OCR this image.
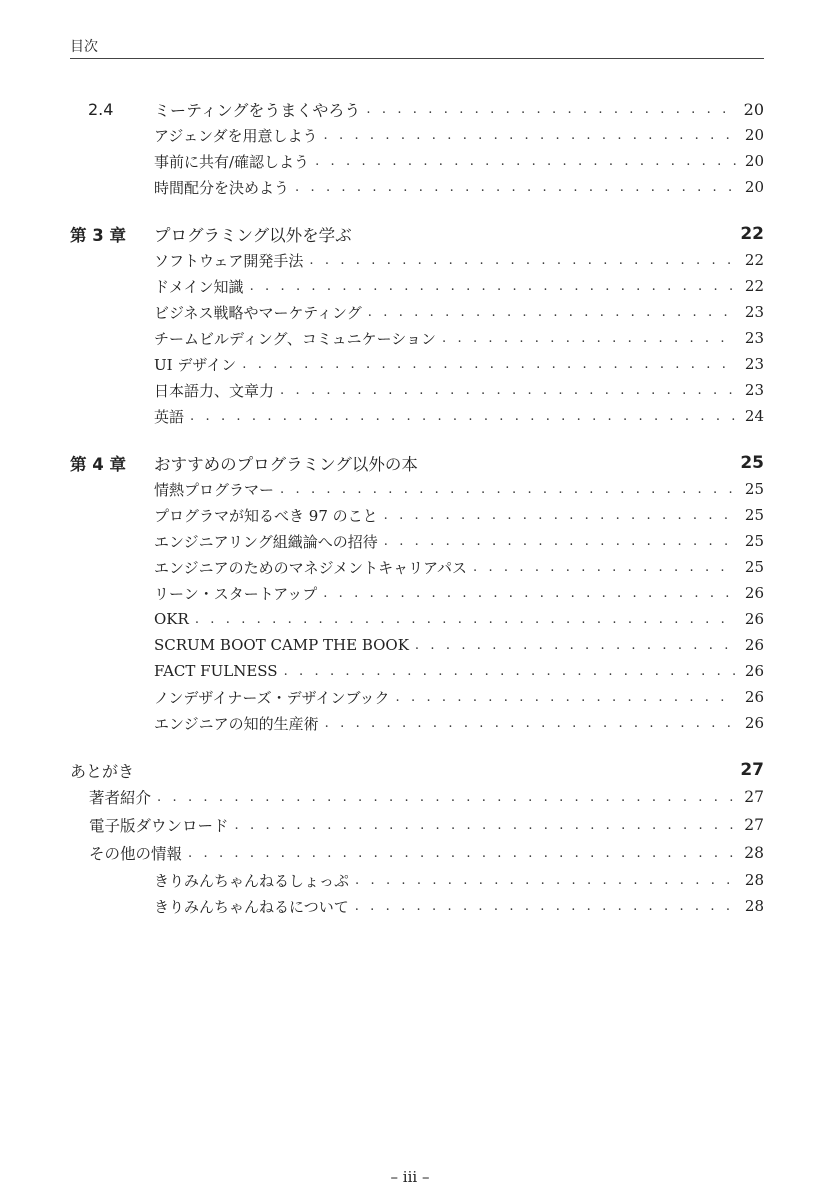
目次
2.4	ミーティングをうまくやろう . . .	20
アジェンダを用意しよう . . .	20
事前に共有/確認しよう . . .	20
時間配分を決めよう . . .	20
第 3 章	プログラミング以外を学ぶ	22
ソフトウェア開発手法 . . .	22
ドメイン知識 . . .	22
ビジネス戦略やマーケティング . . .	23
チームビルディング、コミュニケーション . . .	23
UI デザイン . . .	23
日本語力、文章力 . . .	23
英語 . . .	24
第 4 章	おすすめのプログラミング以外の本	25
情熱プログラマー . . .	25
プログラマが知るべき 97 のこと . . .	25
エンジニアリング組織論への招待 . . .	25
エンジニアのためのマネジメントキャリアパス . . .	25
リーン・スタートアップ . . .	26
OKR . . .	26
SCRUM BOOT CAMP THE BOOK . . .	26
FACT FULNESS . . .	26
ノンデザイナーズ・デザインブック . . .	26
エンジニアの知的生産術 . . .	26
あとがき	27
著者紹介 . . .	27
電子版ダウンロード . . .	27
その他の情報 . . .	28
きりみんちゃんねるしょっぷ . . .	28
きりみんちゃんねるについて . . .	28
– iii –
